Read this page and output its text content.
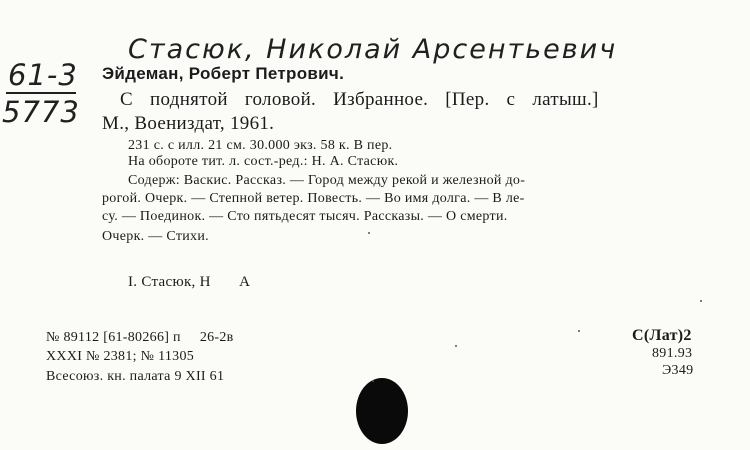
Стасюк, Николай Арсентьевич
61-3
5773
Эйдеман, Роберт Петрович.
С поднятой головой. Избранное. [Пер. с латыш.]
М., Воениздат, 1961.
231 с. с илл. 21 см. 30.000 экз. 58 к. В пер.
На обороте тит. л. сост.-ред.: Н. А. Стасюк.
Содерж: Васкис. Рассказ. — Город между рекой и железной до-
рогой. Очерк. — Степной ветер. Повесть. — Во имя долга. — В ле-
су. — Поединок. — Сто пятьдесят тысяч. Рассказы. — О смерти.
Очерк. — Стихи.
I. Стасюк, Н       А
№ 89112 [61-80266] п     26-2в
XXXI № 2381; № 11305
Всесоюз. кн. палата 9 XII 61
С(Лат)2
891.93
Э349
